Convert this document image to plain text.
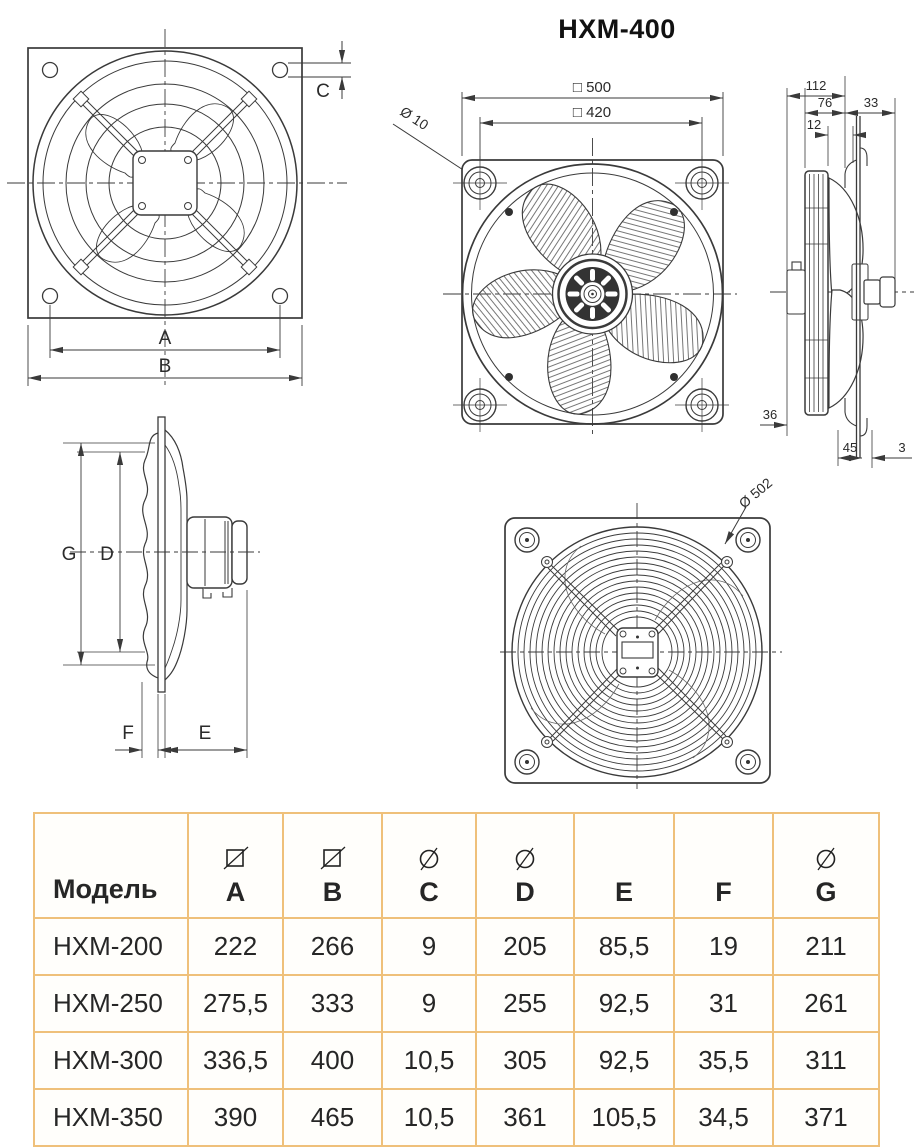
HXM-400
A
B
C	□ 500
□ 420
Ø 10
112
76 33
12
36
45	3
G D
F	E
Ø 502
Модель	A	B	C	D	E	F	G

HXM-200	222	266	9	205	85,5	19	211
HXM-250	275,5	333	9	255	92,5	31	261
HXM-300	336,5	400	10,5	305	92,5	35,5	311
HXM-350	390	465	10,5	361	105,5	34,5	371
